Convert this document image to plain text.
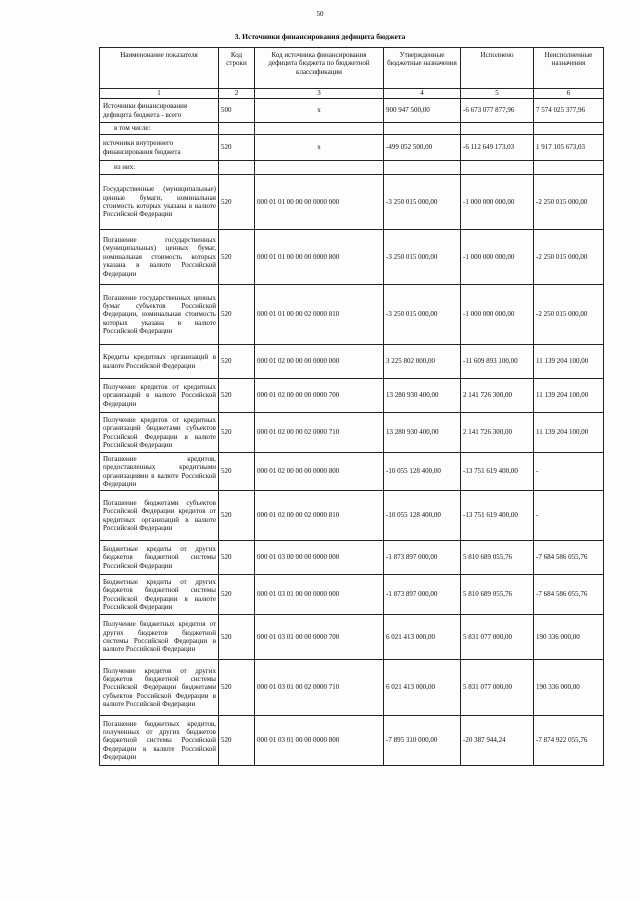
50
3. Источники финансирования дефицита бюджета
Наименование показателя	Код строки	Код источника финансирования дефицита бюджета по бюджетной классификации	Утвержденные бюджетные назначения	Исполнено	Неисполненные назначения
1	2	3	4	5	6
Источники финансирования дефицита бюджета - всего	500	x	900 947 500,00	-6 673 077 877,96	7 574 025 377,96
в том числе:					
источники внутреннего финансирования бюджета	520	x	-499 052 500,00	-6 112 649 173,03	1 917 105 673,03
из них:					
Государственные (муниципальные) ценные бумаги, номинальная стоимость которых указана в валюте Российской Федерации	520	000 01 01 00 00 00 0000 000	-3 250 015 000,00	-1 000 000 000,00	-2 250 015 000,00
Погашение государственных (муниципальных) ценных бумаг, номинальная стоимость которых указана в валюте Российской Федерации	520	000 01 01 00 00 00 0000 800	-3 250 015 000,00	-1 000 000 000,00	-2 250 015 000,00
Погашение государственных ценных бумаг субъектов Российской Федерации, номинальная стоимость которых указана в валюте Российской Федерации	520	000 01 01 00 00 02 0000 810	-3 250 015 000,00	-1 000 000 000,00	-2 250 015 000,00
Кредиты кредитных организаций в валюте Российской Федерации	520	000 01 02 00 00 00 0000 000	3 225 802 000,00	-11 609 893 100,00	11 139 204 100,00
Получение кредитов от кредитных организаций в валюте Российской Федерации	520	000 01 02 00 00 00 0000 700	13 280 930 400,00	2 141 726 300,00	11 139 204 100,00
Получение кредитов от кредитных организаций бюджетами субъектов Российской Федерации в валюте Российской Федерации	520	000 01 02 00 00 02 0000 710	13 280 930 400,00	2 141 726 300,00	11 139 204 100,00
Погашение кредитов, предоставленных кредитными организациями в валюте Российской Федерации	520	000 01 02 00 00 00 0000 800	-10 055 128 400,00	-13 751 619 400,00	-
Погашение бюджетами субъектов Российской Федерации кредитов от кредитных организаций в валюте Российской Федерации	520	000 01 02 00 00 02 0000 810	-10 055 128 400,00	-13 751 619 400,00	-
Бюджетные кредиты от других бюджетов бюджетной системы Российской Федерации	520	000 01 03 00 00 00 0000 000	-1 873 897 000,00	5 810 689 055,76	-7 684 586 055,76
Бюджетные кредиты от других бюджетов бюджетной системы Российской Федерации в валюте Российской Федерации	520	000 01 03 01 00 00 0000 000	-1 873 897 000,00	5 810 689 055,76	-7 684 586 055,76
Получение бюджетных кредитов от других бюджетов бюджетной системы Российской Федерации в валюте Российской Федерации	520	000 01 03 01 00 00 0000 700	6 021 413 000,00	5 831 077 000,00	190 336 000,00
Получение кредитов от других бюджетов бюджетной системы Российской Федерации бюджетами субъектов Российской Федерации в валюте Российской Федерации	520	000 01 03 01 00 02 0000 710	6 021 413 000,00	5 831 077 000,00	190 336 000,00
Погашение бюджетных кредитов, полученных от других бюджетов бюджетной системы Российской Федерации в валюте Российской Федерации	520	000 01 03 01 00 00 0000 800	-7 895 310 000,00	-20 387 944,24	-7 874 922 055,76
